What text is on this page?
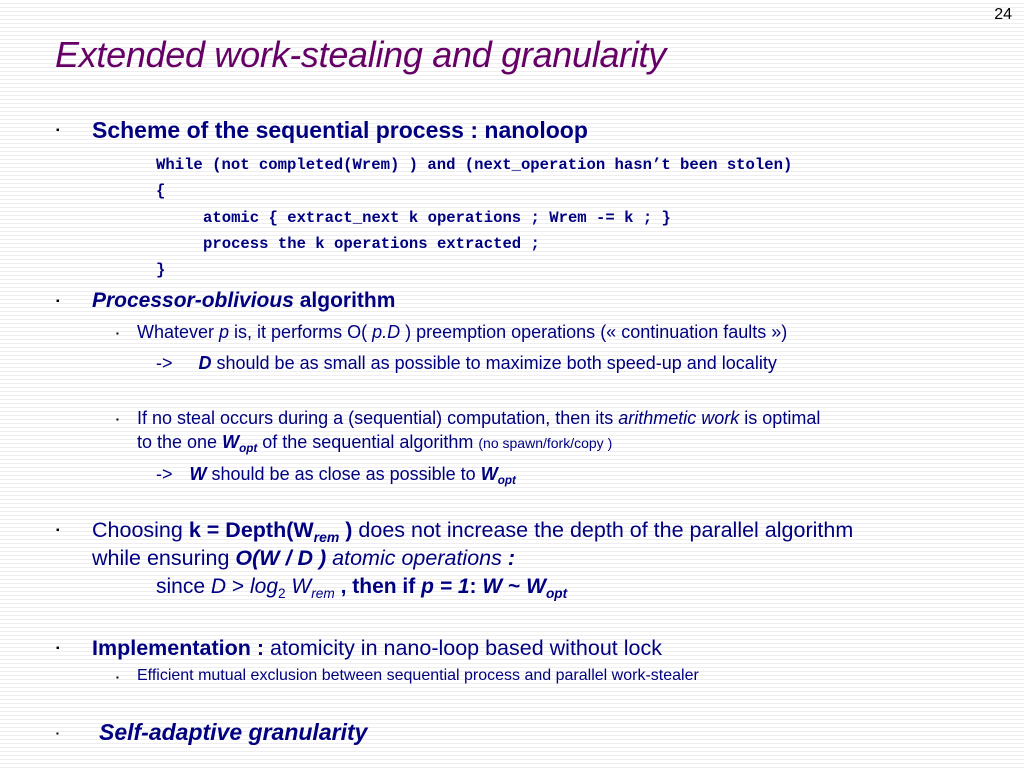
24
Extended work-stealing and granularity
▪ Scheme of the sequential process : nanoloop
While (not completed(Wrem) ) and (next_operation hasn’t been stolen)
{
atomic { extract_next k operations ; Wrem -= k ; }
process the k operations extracted ;
}
▪ Processor-oblivious algorithm
▪ Whatever p is, it performs O( p.D ) preemption operations (« continuation faults »)
-> D should be as small as possible to maximize both speed-up and locality
▪ If no steal occurs during a (sequential) computation, then its arithmetic work is optimal
to the one $W_{opt}$ of the sequential algorithm (no spawn/fork/copy )
-> W should be as close as possible to $W_{opt}$
▪ Choosing $k = Depth(W_{rem}$ ) does not increase the depth of the parallel algorithm
while ensuring O(W / D ) atomic operations :
since $D > \log_2 W_{rem}$ , then if p = 1: W ~ $W_{opt}$
▪ Implementation : atomicity in nano-loop based without lock
▪ Efficient mutual exclusion between sequential process and parallel work-stealer
▪ Self-adaptive granularity
